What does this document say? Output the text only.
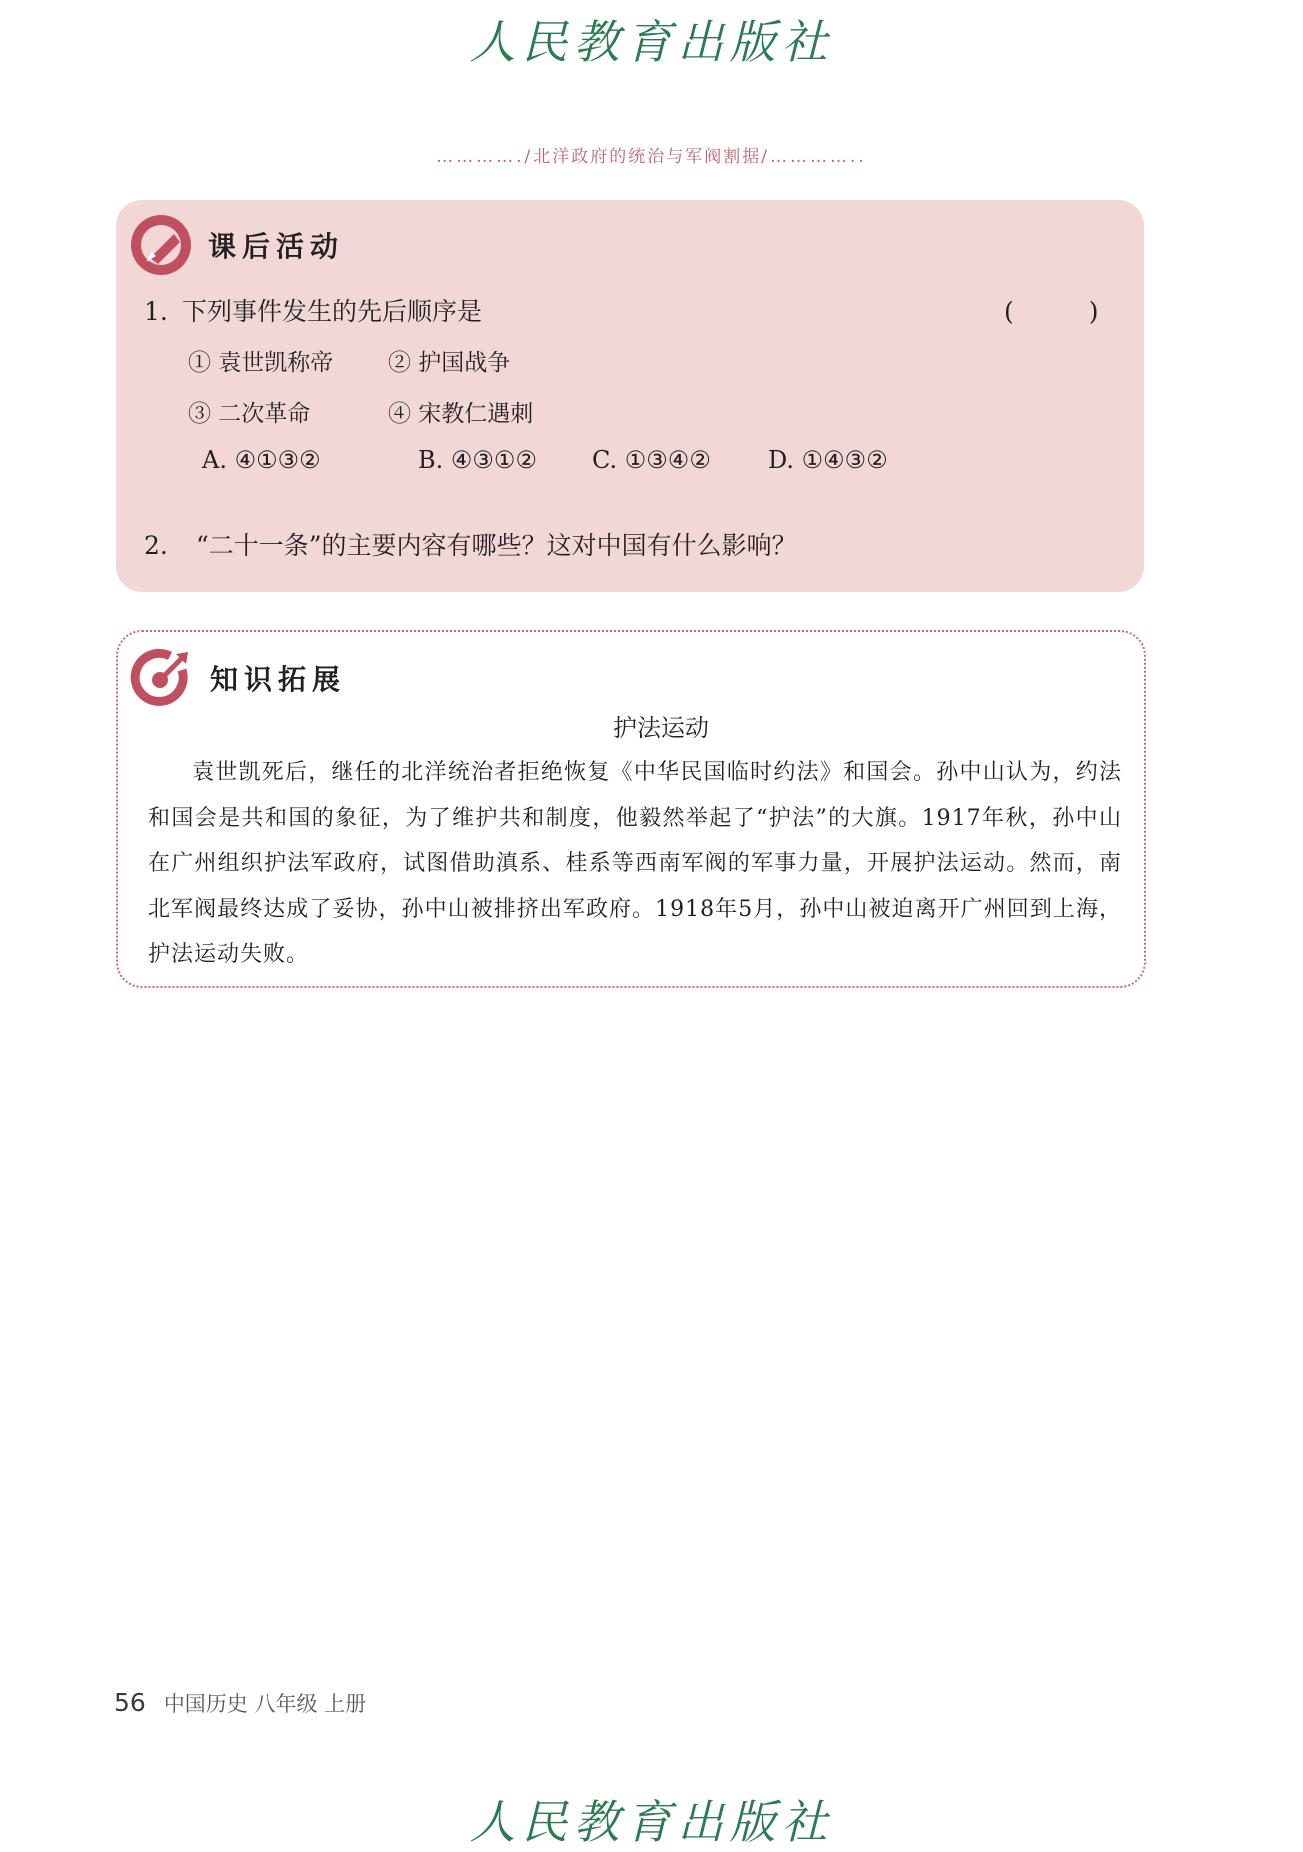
人民教育出版社
…………./北洋政府的统治与军阀割据/…………..
课后活动
1. 下列事件发生的先后顺序是	(　　　)
① 袁世凯称帝 ② 护国战争
③ 二次革命	④ 宋教仁遇刺
A. ④①③②	B. ④③①② C. ①③④② D. ①④③②
2. “二十一条”的主要内容有哪些？这对中国有什么影响？
知识拓展
护法运动

袁世凯死后，继任的北洋统治者拒绝恢复《中华民国临时约法》和国会。孙中山认为，约法和国会是共和国的象征，为了维护共和制度，他毅然举起了“护法”的大旗。1917年秋，孙中山在广州组织护法军政府，试图借助滇系、桂系等西南军阀的军事力量，开展护法运动。然而，南北军阀最终达成了妥协，孙中山被排挤出军政府。1918年5月，孙中山被迫离开广州回到上海，护法运动失败。

56 中国历史 八年级 上册
人民教育出版社
